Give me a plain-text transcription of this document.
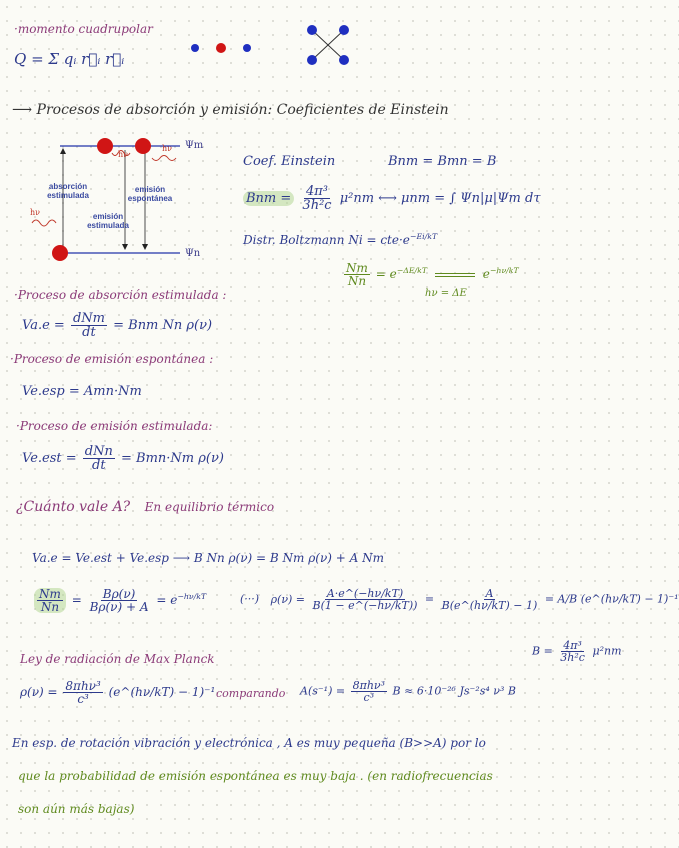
·momento cuadrupolar
Q = Σ qᵢ r⃗ᵢ r⃗ᵢ
⟶ Procesos de absorción y emisión: Coeficientes de Einstein
absorción estimulada
emisión espontánea
emisión estimulada
Ψm
Ψn
hν
hν
hν
Coef. Einstein	Bnm = Bmn = B
Bnm = $\frac{\text{4π³}}{\text{3h²c}} \mu^2nm$ ⟷ μnm = ∫ Ψn|μ|Ψm dτ
Distr. Boltzmann $Ni = cte\cdot e^{-Ei/kT}$
$\frac{Nm}{Nn} = e^{-\Delta E/kT}$	$e^{-h\nu/kT}$
hν = ΔE
·Proceso de absorción estimulada :
$Va.e = \frac{\text{dNm}}{dt}$ = Bnm Nn ρ(ν)
·Proceso de emisión espontánea :
Ve.esp = Amn·Nm
·Proceso de emisión estimulada:
$Ve.est = \frac{\text{dNn}}{dt} = Bmn\cdot Nm$ ρ(ν)
¿Cuánto vale A? En equilibrio térmico
Va.e = Ve.est + Ve.esp ⟶ B Nn ρ(ν) = B Nm ρ(ν) + A Nm
$\frac{Nm}{Nn} = \frac{B\rho(\nu)}{B\rho(\nu) + A} = e^{-h\nu/kT}$	(···) $\rho(\nu) = \frac{A\cdot e\^{}(-h\nu/kT)}{B(1 - e\^{}(-h\nu/kT))} = \frac{A}{B(e\^{}(h\nu/kT) - 1)} = A/B$ (e^(hν/kT) − 1)⁻¹
Ley de radiación de Max Planck
$B = \frac{\text{4π³}}{\text{3h²c}} \mu^2nm$
$\rho(\nu) = \frac{\text{8πhν³}}{\text{c³}}$ (e^(hν/kT) − 1)⁻¹ comparando $A(s^{-1}) = \frac{\text{8πhν³}}{\text{c³}}$ B ≈ 6·10⁻²⁶ Js⁻²s⁴ ν³ B
En esp. de rotación vibración y electrónica , A es muy pequeña (B>>A) por lo
que la probabilidad de emisión espontánea es muy baja . (en radiofrecuencias
son aún más bajas)
